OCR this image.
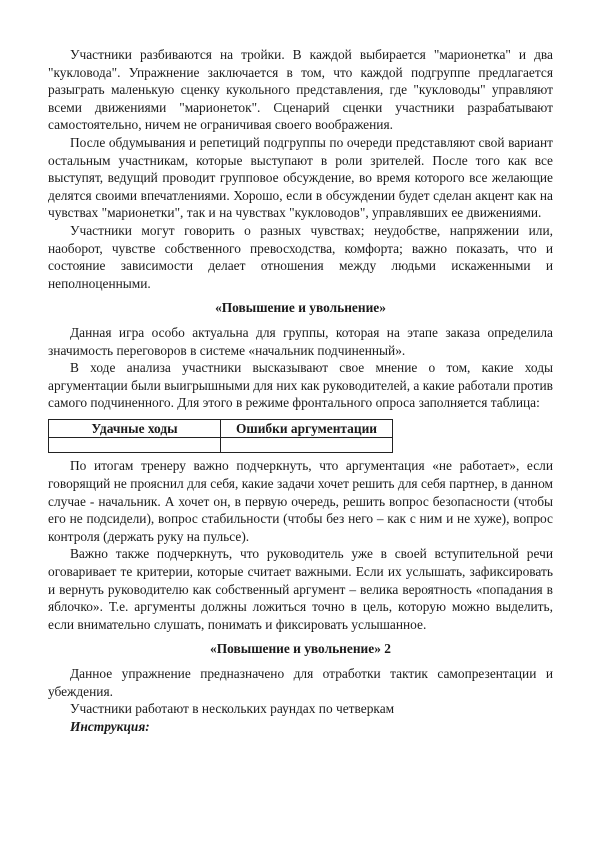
Участники разбиваются на тройки. В каждой выбирается "марионетка" и два "кукловода". Упражнение заключается в том, что каждой подгруппе предлагается разыграть маленькую сценку кукольного представления, где "кукловоды" управляют всеми движениями "марионеток". Сценарий сценки участники разрабатывают самостоятельно, ничем не ограничивая своего воображения.

После обдумывания и репетиций подгруппы по очереди представляют свой вариант остальным участникам, которые выступают в роли зрителей. После того как все выступят, ведущий проводит групповое обсуждение, во время которого все желающие делятся своими впечатлениями. Хорошо, если в обсуждении будет сделан акцент как на чувствах "марионетки", так и на чувствах "кукловодов", управлявших ее движениями.

Участники могут говорить о разных чувствах; неудобстве, напряжении или, наоборот, чувстве собственного превосходства, комфорта; важно показать, что и состояние зависимости делает отношения между людьми искаженными и неполноценными.

«Повышение и увольнение»

Данная игра особо актуальна для группы, которая на этапе заказа определила значимость переговоров в системе «начальник подчиненный».

В ходе анализа участники высказывают свое мнение о том, какие ходы аргументации были выигрышными для них как руководителей, а какие работали против самого подчиненного. Для этого в режиме фронтального опроса заполняется таблица:

Удачные ходы	Ошибки аргументации

По итогам тренеру важно подчеркнуть, что аргументация «не работает», если говорящий не прояснил для себя, какие задачи хочет решить для себя партнер, в данном случае - начальник. А хочет он, в первую очередь, решить вопрос безопасности (чтобы его не подсидели), вопрос стабильности (чтобы без него – как с ним и не хуже), вопрос контроля (держать руку на пульсе).

Важно также подчеркнуть, что руководитель уже в своей вступительной речи оговаривает те критерии, которые считает важными. Если их услышать, зафиксировать и вернуть руководителю как собственный аргумент – велика вероятность «попадания в яблочко». Т.е. аргументы должны ложиться точно в цель, которую можно выделить, если внимательно слушать, понимать и фиксировать услышанное.

«Повышение и увольнение» 2

Данное упражнение предназначено для отработки тактик самопрезентации и убеждения.

Участники работают в нескольких раундах по четверкам

Инструкция:
